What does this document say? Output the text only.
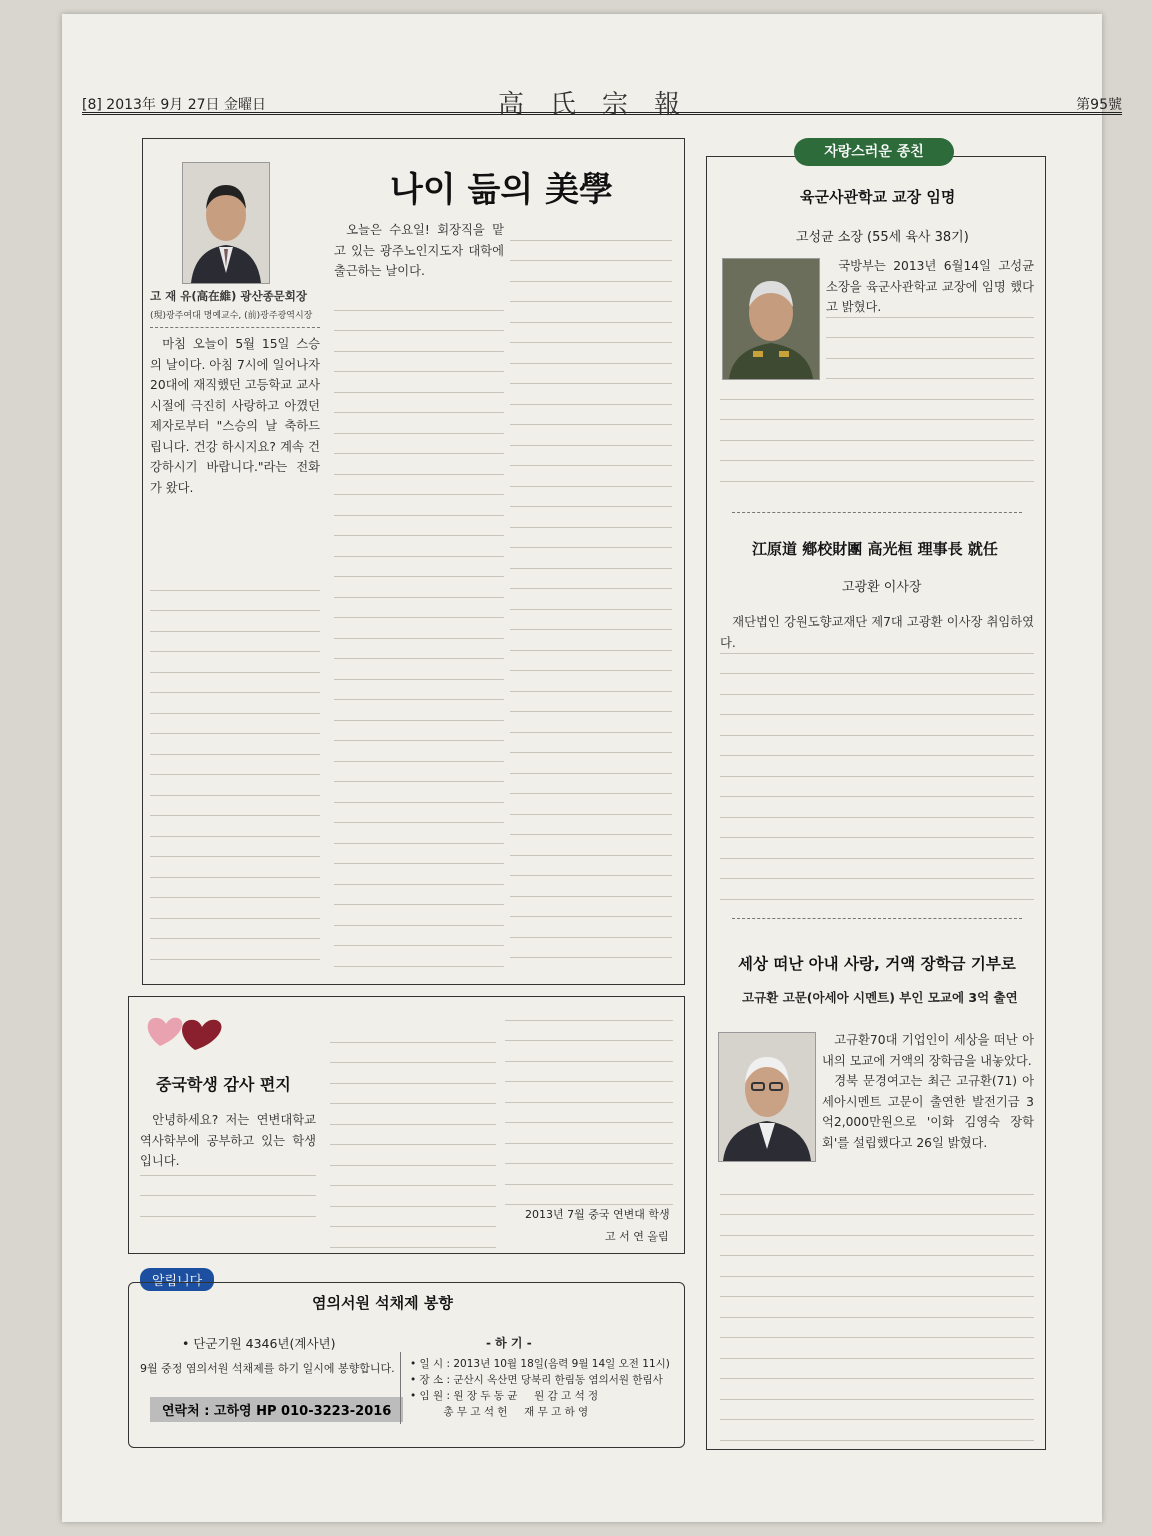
[8] 2013年 9月 27日 金曜日	高氏宗報	第95號
나이 듦의 美學
고 재 유(高在維) 광산종문회장
(現)광주여대 명예교수, (前)광주광역시장

마침 오늘이 5월 15일 스승의 날이다. 아침 7시에 일어나자 20대에 재직했던 고등학교 교사 시절에 극진히 사랑하고 아꼈던 제자로부터 "스승의 날 축하드립니다. 건강 하시지요? 계속 건강하시기 바랍니다."라는 전화가 왔다.

오늘은 수요일! 회장직을 맡고 있는 광주노인지도자 대학에 출근하는 날이다.

중국학생 감사 편지

안녕하세요? 저는 연변대학교 역사학부에 공부하고 있는 학생입니다.

2013년 7월 중국 연변대 학생
고 서 연 올림
알립니다
염의서원 석채제 봉향
• 단군기원 4346년(계사년)
9월 중정 염의서원 석채제를 하기 일시에 봉향합니다.
연락처 : 고하영 HP 010-3223-2016
- 하 기 -
• 일 시 : 2013년 10월 18일(음력 9월 14일 오전 11시)
• 장 소 : 군산시 옥산면 당북리 한림동 염의서원 한림사
• 임 원 : 원 장 두 동 균     원 감 고 석 정
총 무 고 석 헌     재 무 고 하 영
자랑스러운 종친
육군사관학교 교장 임명
고성균 소장 (55세 육사 38기)

국방부는 2013년 6월14일 고성균 소장을 육군사관학교 교장에 임명 했다고 밝혔다.

江原道 鄕校財團 高光桓 理事長 就任
고광환 이사장

재단법인 강원도향교재단 제7대 고광환 이사장 취임하였다.

세상 떠난 아내 사랑, 거액 장학금 기부로
고규환 고문(아세아 시멘트) 부인 모교에 3억 출연

고규환70대 기업인이 세상을 떠난 아내의 모교에 거액의 장학금을 내놓았다.

경북 문경여고는 최근 고규환(71) 아세아시멘트 고문이 출연한 발전기금 3억2,000만원으로 '이화 김영숙 장학회'를 설립했다고 26일 밝혔다.
